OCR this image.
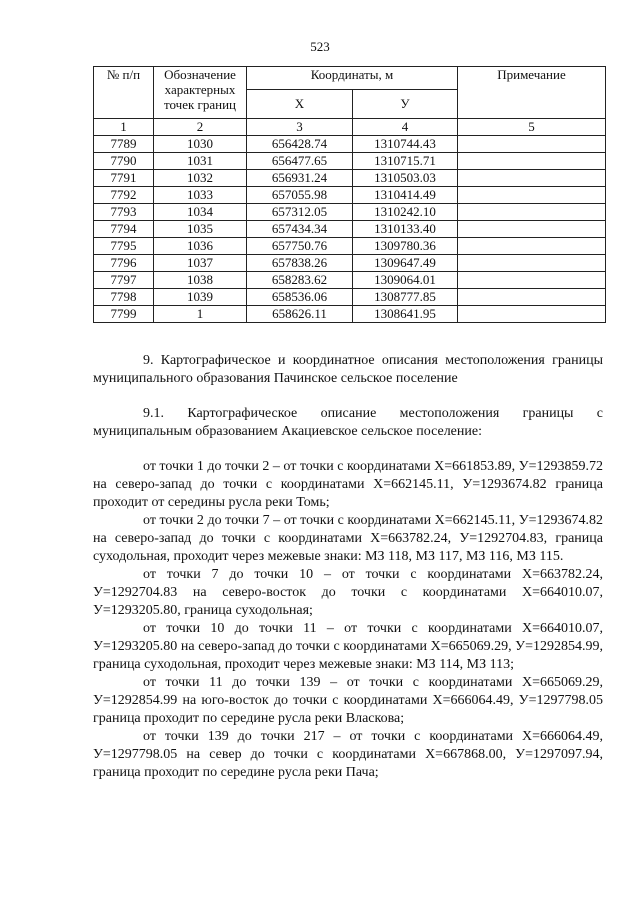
523
№ п/п	Обозначение характерных точек границ	Координаты, м		Примечание
		X	У	
1	2	3	4	5
7789	1030	656428.74	1310744.43	
7790	1031	656477.65	1310715.71	
7791	1032	656931.24	1310503.03	
7792	1033	657055.98	1310414.49	
7793	1034	657312.05	1310242.10	
7794	1035	657434.34	1310133.40	
7795	1036	657750.76	1309780.36	
7796	1037	657838.26	1309647.49	
7797	1038	658283.62	1309064.01	
7798	1039	658536.06	1308777.85	
7799	1	658626.11	1308641.95	

9. Картографическое и координатное описания местоположения границы муниципального образования Пачинское сельское поселение

9.1. Картографическое описание местоположения границы с муниципальным образованием Акациевское сельское поселение:

от точки 1 до точки 2 – от точки с координатами X=661853.89, У=1293859.72 на северо-запад до точки с координатами X=662145.11, У=1293674.82 граница проходит от середины русла реки Томь;

от точки 2 до точки 7 – от точки с координатами X=662145.11, У=1293674.82 на северо-запад до точки с координатами X=663782.24, У=1292704.83, граница суходольная, проходит через межевые знаки: МЗ 118, МЗ 117, МЗ 116, МЗ 115.

от точки 7 до точки 10 – от точки с координатами X=663782.24, У=1292704.83 на северо-восток до точки с координатами X=664010.07, У=1293205.80, граница суходольная;

от точки 10 до точки 11 – от точки с координатами X=664010.07, У=1293205.80 на северо-запад до точки с координатами X=665069.29, У=1292854.99, граница суходольная, проходит через межевые знаки: МЗ 114, МЗ 113;

от точки 11 до точки 139 – от точки с координатами X=665069.29, У=1292854.99 на юго-восток до точки с координатами X=666064.49, У=1297798.05 граница проходит по середине русла реки Власкова;

от точки 139 до точки 217 – от точки с координатами X=666064.49, У=1297798.05 на север до точки с координатами X=667868.00, У=1297097.94, граница проходит по середине русла реки Пача;
